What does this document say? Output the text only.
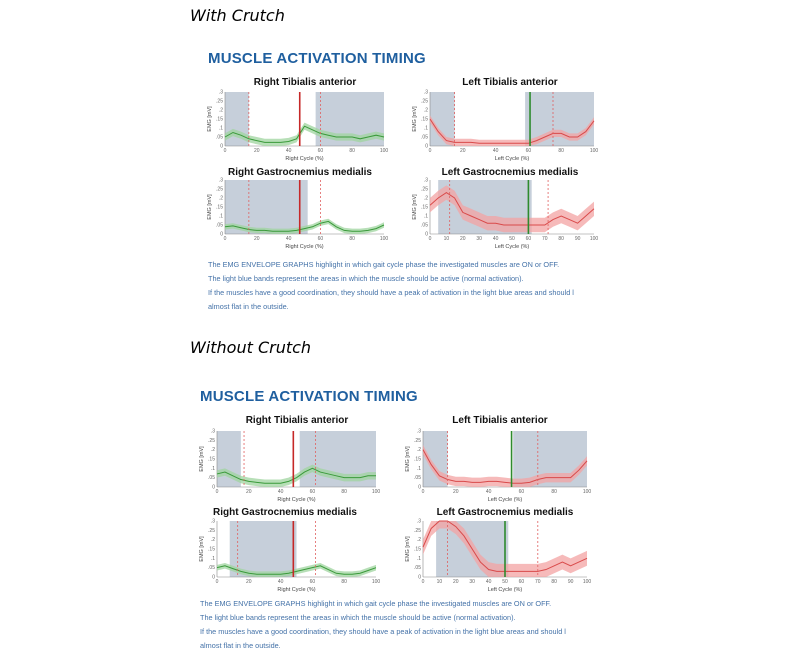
With Crutch
MUSCLE ACTIVATION TIMING
Right Tibialis anterior	Left Tibialis anterior
Right Gastrocnemius medialis	Left Gastrocnemius medialis
.3
.25
.2
.15
.1
.05
0
0	20	40	60	80	100
Right Cycle (%)
EMG [mV]
.3
.25
.2
.15
.1
.05
0
0	20	40	60	80	100
Left Cycle (%)
EMG [mV]
.3
.25
.2
.15
.1
.05
0
0	20	40	60	80	100
Right Cycle (%)
EMG [mV]
.3
.25
.2
.15
.1
.05
0
0 10 20 30 40 50 60 70 80 90 100
Left Cycle (%)
EMG [mV]
The EMG ENVELOPE GRAPHS highlight in which gait cycle phase the investigated muscles are ON or OFF.
The light blue bands represent the areas in which the muscle should be active (normal activation).
If the muscles have a good coordination, they should have a peak of activation in the light blue areas and should l
almost flat in the outside.
Without Crutch
MUSCLE ACTIVATION TIMING
Right Tibialis anterior	Left Tibialis anterior
Right Gastrocnemius medialis	Left Gastrocnemius medialis
.3
.25
.2
.15
.1
.05
0
0	20	40	60	80	100
Right Cycle (%)
EMG [mV]
.3
.25
.2
.15
.1
.05
0
0	20	40	60	80	100
Left Cycle (%)
EMG [mV]
.3
.25
.2
.15
.1
.05
0
0	20	40	60	80	100
Right Cycle (%)
EMG [mV]
.3
.25
.2
.15
.1
.05
0
0 10 20 30 40 50 60 70 80 90 100
Left Cycle (%)
EMG [mV]
The EMG ENVELOPE GRAPHS highlight in which gait cycle phase the investigated muscles are ON or OFF.
The light blue bands represent the areas in which the muscle should be active (normal activation).
If the muscles have a good coordination, they should have a peak of activation in the light blue areas and should l
almost flat in the outside.
